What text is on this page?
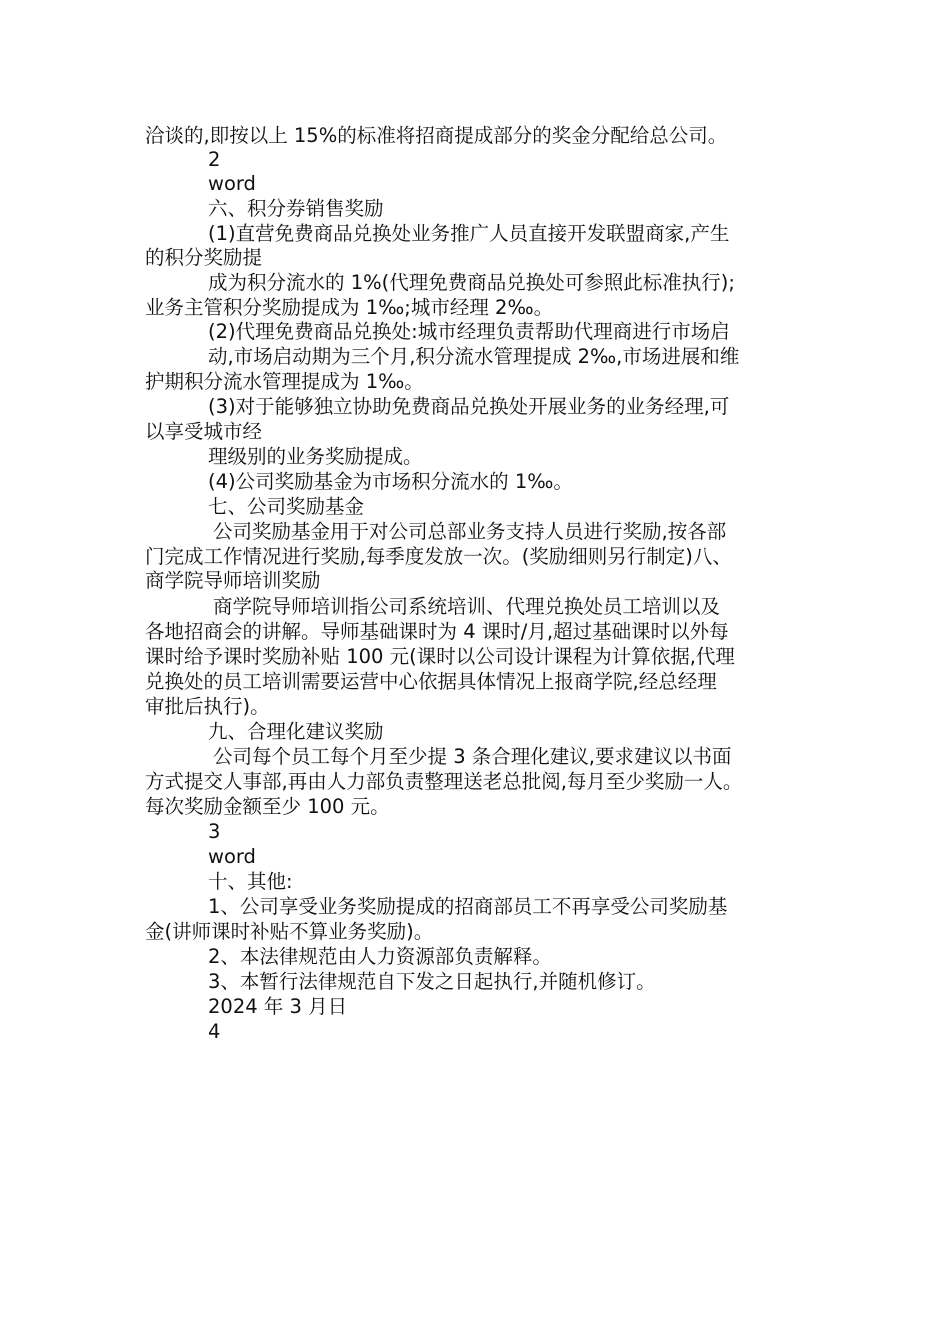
洽谈的,即按以上 15%的标准将招商提成部分的奖金分配给总公司。
2
word
六、积分券销售奖励
(1)直营免费商品兑换处业务推广人员直接开发联盟商家,产生
的积分奖励提
成为积分流水的 1%(代理免费商品兑换处可参照此标准执行);
业务主管积分奖励提成为 1‰;城市经理 2‰。
(2)代理免费商品兑换处:城市经理负责帮助代理商进行市场启
动,市场启动期为三个月,积分流水管理提成 2‰,市场进展和维
护期积分流水管理提成为 1‰。
(3)对于能够独立协助免费商品兑换处开展业务的业务经理,可
以享受城市经
理级别的业务奖励提成。
(4)公司奖励基金为市场积分流水的 1‰。
七、公司奖励基金
公司奖励基金用于对公司总部业务支持人员进行奖励,按各部
门完成工作情况进行奖励,每季度发放一次。(奖励细则另行制定)八、
商学院导师培训奖励
商学院导师培训指公司系统培训、代理兑换处员工培训以及
各地招商会的讲解。导师基础课时为 4 课时/月,超过基础课时以外每
课时给予课时奖励补贴 100 元(课时以公司设计课程为计算依据,代理
兑换处的员工培训需要运营中心依据具体情况上报商学院,经总经理
审批后执行)。
九、合理化建议奖励
公司每个员工每个月至少提 3 条合理化建议,要求建议以书面
方式提交人事部,再由人力部负责整理送老总批阅,每月至少奖励一人。
每次奖励金额至少 100 元。
3
word
十、其他:
1、公司享受业务奖励提成的招商部员工不再享受公司奖励基
金(讲师课时补贴不算业务奖励)。
2、本法律规范由人力资源部负责解释。
3、本暂行法律规范自下发之日起执行,并随机修订。
2024 年 3 月日
4
